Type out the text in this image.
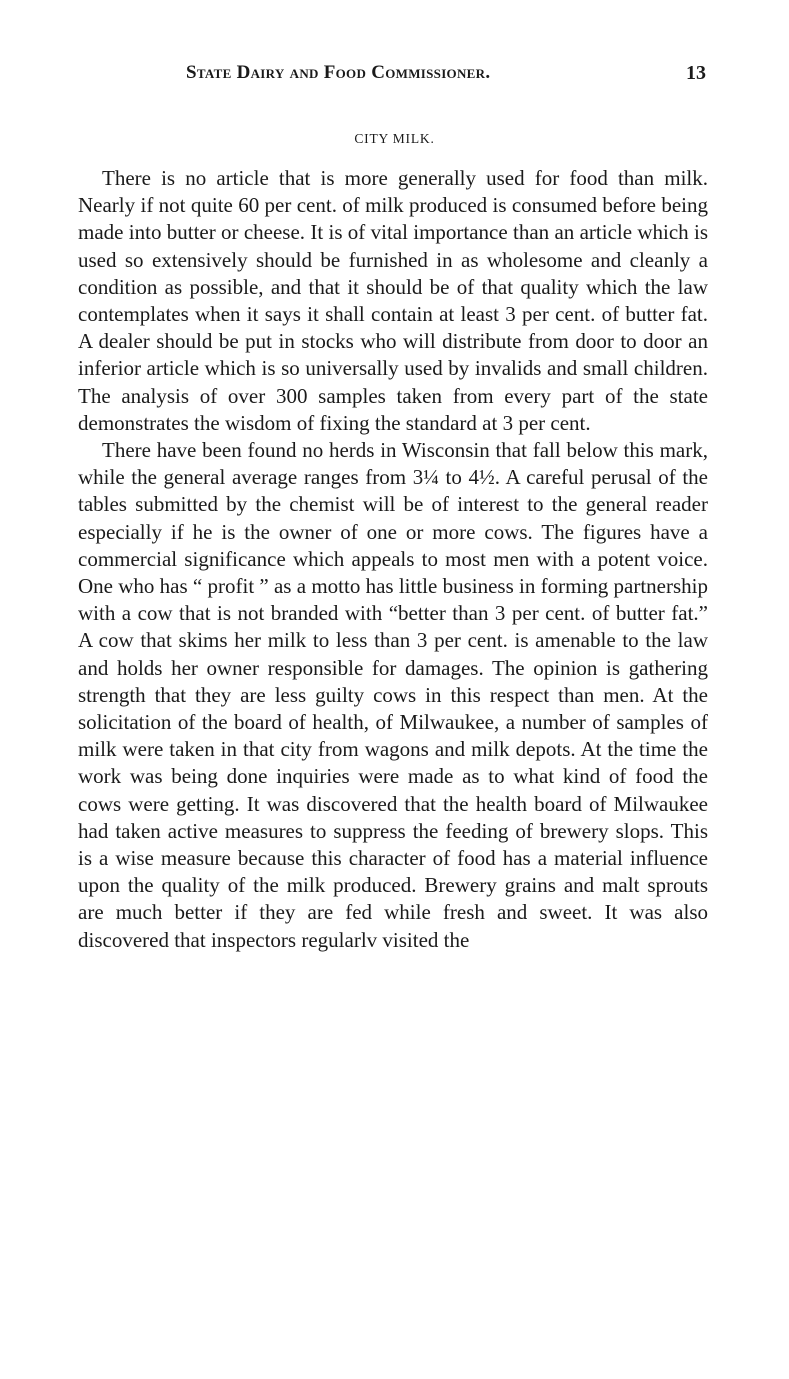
State Dairy and Food Commissioner.	13
CITY MILK.

There is no article that is more generally used for food than milk. Nearly if not quite 60 per cent. of milk produced is consumed before being made into butter or cheese. It is of vital importance than an article which is used so extensively should be furnished in as wholesome and cleanly a condition as possible, and that it should be of that quality which the law contemplates when it says it shall contain at least 3 per cent. of butter fat. A dealer should be put in stocks who will distribute from door to door an inferior article which is so universally used by invalids and small children. The analysis of over 300 samples taken from every part of the state demonstrates the wisdom of fixing the standard at 3 per cent.

There have been found no herds in Wisconsin that fall below this mark, while the general average ranges from 3¼ to 4½. A careful perusal of the tables submitted by the chemist will be of interest to the general reader especially if he is the owner of one or more cows. The figures have a commercial significance which appeals to most men with a potent voice. One who has “ profit ” as a motto has little business in forming partnership with a cow that is not branded with “better than 3 per cent. of butter fat.” A cow that skims her milk to less than 3 per cent. is amenable to the law and holds her owner responsible for damages. The opinion is gathering strength that they are less guilty cows in this respect than men. At the solicitation of the board of health, of Milwaukee, a number of samples of milk were taken in that city from wagons and milk depots. At the time the work was being done inquiries were made as to what kind of food the cows were getting. It was discovered that the health board of Milwaukee had taken active measures to suppress the feeding of brewery slops. This is a wise measure because this character of food has a material influence upon the quality of the milk produced. Brewery grains and malt sprouts are much better if they are fed while fresh and sweet. It was also discovered that inspectors regularlv visited the
